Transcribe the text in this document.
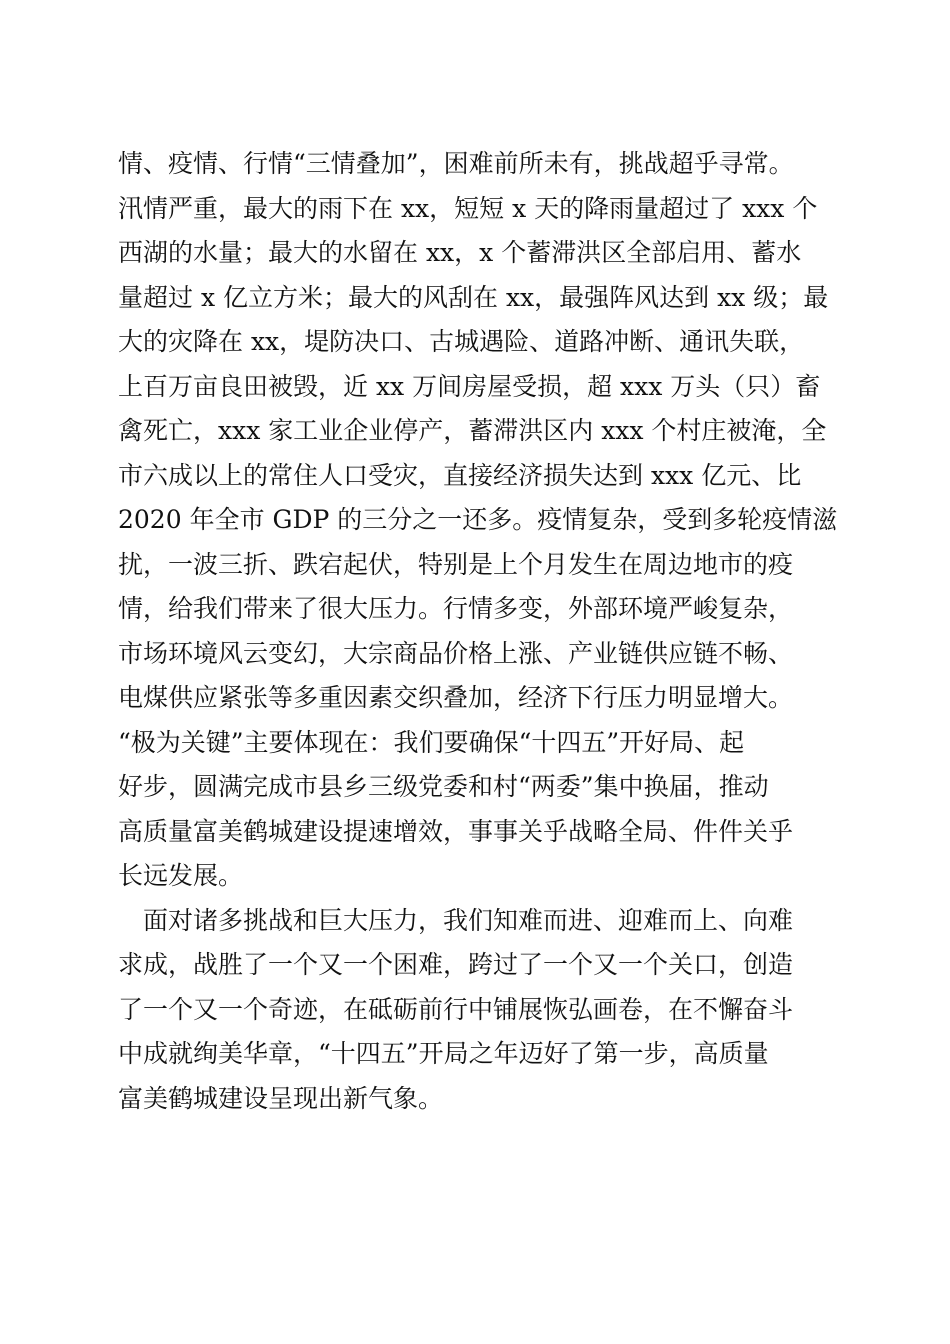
情、疫情、行情“三情叠加”，困难前所未有，挑战超乎寻常。
汛情严重，最大的雨下在 xx，短短 x 天的降雨量超过了 xxx 个
西湖的水量；最大的水留在 xx，x 个蓄滞洪区全部启用、蓄水
量超过 x 亿立方米；最大的风刮在 xx，最强阵风达到 xx 级；最
大的灾降在 xx，堤防决口、古城遇险、道路冲断、通讯失联，
上百万亩良田被毁，近 xx 万间房屋受损，超 xxx 万头（只）畜
禽死亡，xxx 家工业企业停产，蓄滞洪区内 xxx 个村庄被淹，全
市六成以上的常住人口受灾，直接经济损失达到 xxx 亿元、比
2020 年全市 GDP 的三分之一还多。疫情复杂，受到多轮疫情滋
扰，一波三折、跌宕起伏，特别是上个月发生在周边地市的疫
情，给我们带来了很大压力。行情多变，外部环境严峻复杂，
市场环境风云变幻，大宗商品价格上涨、产业链供应链不畅、
电煤供应紧张等多重因素交织叠加，经济下行压力明显增大。
“极为关键”主要体现在：我们要确保“十四五”开好局、起
好步，圆满完成市县乡三级党委和村“两委”集中换届，推动
高质量富美鹤城建设提速增效，事事关乎战略全局、件件关乎
长远发展。
　面对诸多挑战和巨大压力，我们知难而进、迎难而上、向难
求成，战胜了一个又一个困难，跨过了一个又一个关口，创造
了一个又一个奇迹，在砥砺前行中铺展恢弘画卷，在不懈奋斗
中成就绚美华章，“十四五”开局之年迈好了第一步，高质量
富美鹤城建设呈现出新气象。
